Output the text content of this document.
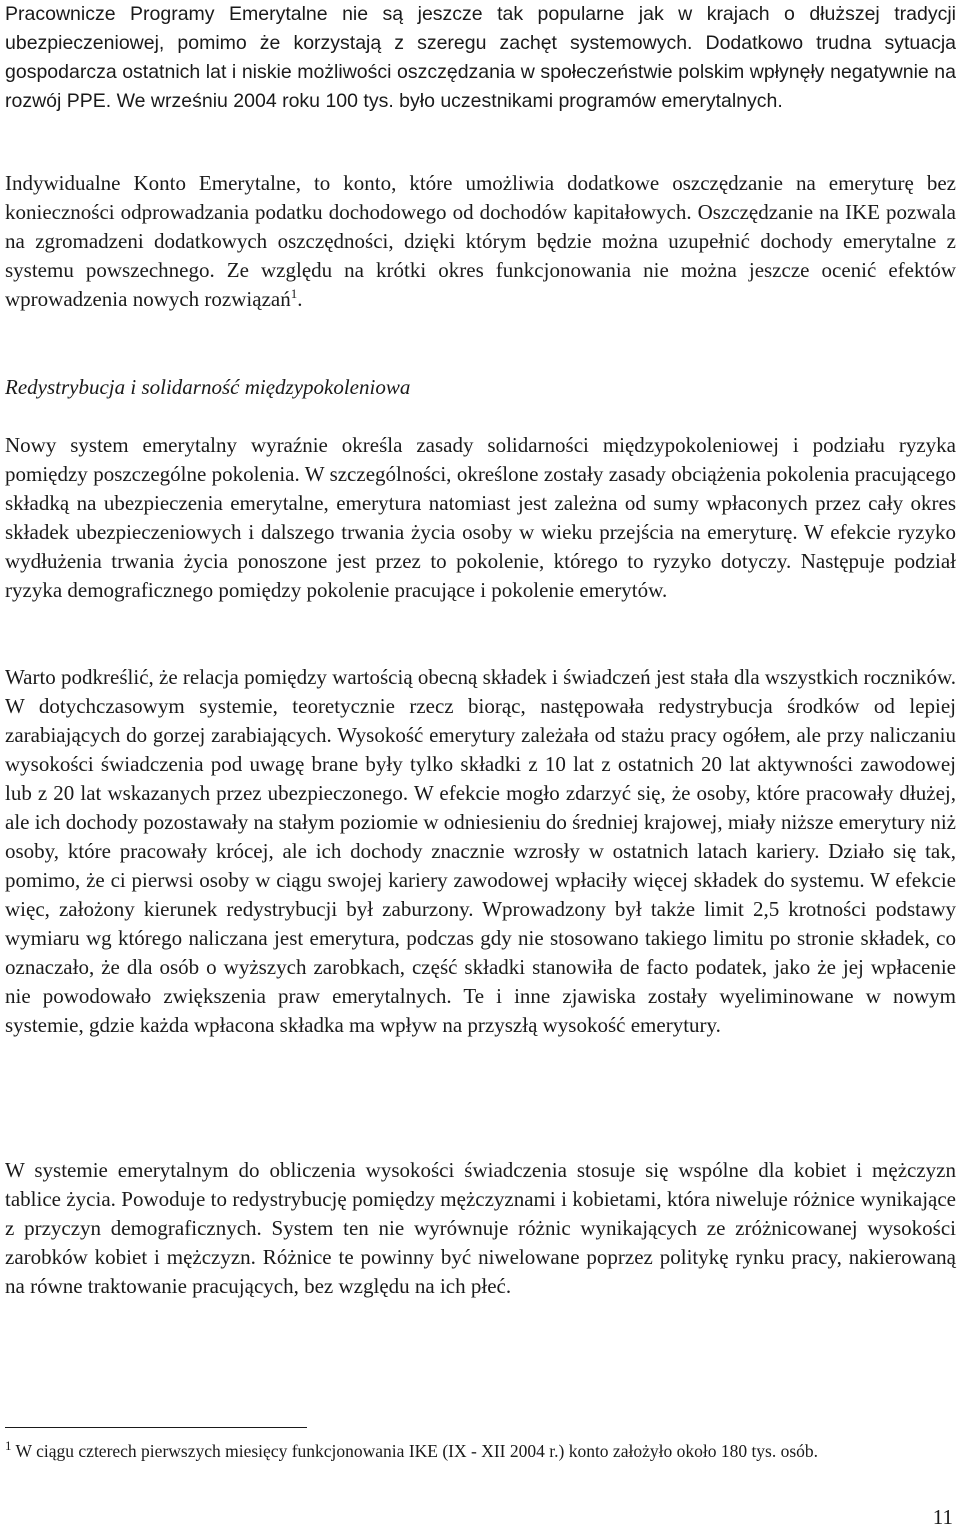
Pracownicze Programy Emerytalne nie są jeszcze tak popularne jak w krajach o dłuższej tradycji ubezpieczeniowej, pomimo że korzystają z szeregu zachęt systemowych. Dodatkowo trudna sytuacja gospodarcza ostatnich lat i niskie możliwości oszczędzania w społeczeństwie polskim wpłynęły negatywnie na rozwój PPE. We wrześniu 2004 roku 100 tys. było uczestnikami programów emerytalnych.

Indywidualne Konto Emerytalne, to konto, które umożliwia dodatkowe oszczędzanie na emeryturę bez konieczności odprowadzania podatku dochodowego od dochodów kapitałowych. Oszczędzanie na IKE pozwala na zgromadzeni dodatkowych oszczędności, dzięki którym będzie można uzupełnić dochody emerytalne z systemu powszechnego. Ze względu na krótki okres funkcjonowania nie można jeszcze ocenić efektów wprowadzenia nowych rozwiązań$^1$.

Redystrybucja i solidarność międzypokoleniowa

Nowy system emerytalny wyraźnie określa zasady solidarności międzypokoleniowej i podziału ryzyka pomiędzy poszczególne pokolenia. W szczególności, określone zostały zasady obciążenia pokolenia pracującego składką na ubezpieczenia emerytalne, emerytura natomiast jest zależna od sumy wpłaconych przez cały okres składek ubezpieczeniowych i dalszego trwania życia osoby w wieku przejścia na emeryturę. W efekcie ryzyko wydłużenia trwania życia ponoszone jest przez to pokolenie, którego to ryzyko dotyczy. Następuje podział ryzyka demograficznego pomiędzy pokolenie pracujące i pokolenie emerytów.

Warto podkreślić, że relacja pomiędzy wartością obecną składek i świadczeń jest stała dla wszystkich roczników. W dotychczasowym systemie, teoretycznie rzecz biorąc, następowała redystrybucja środków od lepiej zarabiających do gorzej zarabiających. Wysokość emerytury zależała od stażu pracy ogółem, ale przy naliczaniu wysokości świadczenia pod uwagę brane były tylko składki z 10 lat z ostatnich 20 lat aktywności zawodowej lub z 20 lat wskazanych przez ubezpieczonego. W efekcie mogło zdarzyć się, że osoby, które pracowały dłużej, ale ich dochody pozostawały na stałym poziomie w odniesieniu do średniej krajowej, miały niższe emerytury niż osoby, które pracowały krócej, ale ich dochody znacznie wzrosły w ostatnich latach kariery. Działo się tak, pomimo, że ci pierwsi osoby w ciągu swojej kariery zawodowej wpłaciły więcej składek do systemu. W efekcie więc, założony kierunek redystrybucji był zaburzony. Wprowadzony był także limit 2,5 krotności podstawy wymiaru wg którego naliczana jest emerytura, podczas gdy nie stosowano takiego limitu po stronie składek, co oznaczało, że dla osób o wyższych zarobkach, część składki stanowiła de facto podatek, jako że jej wpłacenie nie powodowało zwiększenia praw emerytalnych. Te i inne zjawiska zostały wyeliminowane w nowym systemie, gdzie każda wpłacona składka ma wpływ na przyszłą wysokość emerytury.

W systemie emerytalnym do obliczenia wysokości świadczenia stosuje się wspólne dla kobiet i mężczyzn tablice życia. Powoduje to redystrybucję pomiędzy mężczyznami i kobietami, która niweluje różnice wynikające z przyczyn demograficznych. System ten nie wyrównuje różnic wynikających ze zróżnicowanej wysokości zarobków kobiet i mężczyzn. Różnice te powinny być niwelowane poprzez politykę rynku pracy, nakierowaną na równe traktowanie pracujących, bez względu na ich płeć.

$^1$ W ciągu czterech pierwszych miesięcy funkcjonowania IKE (IX - XII 2004 r.) konto założyło około 180 tys. osób.

11
